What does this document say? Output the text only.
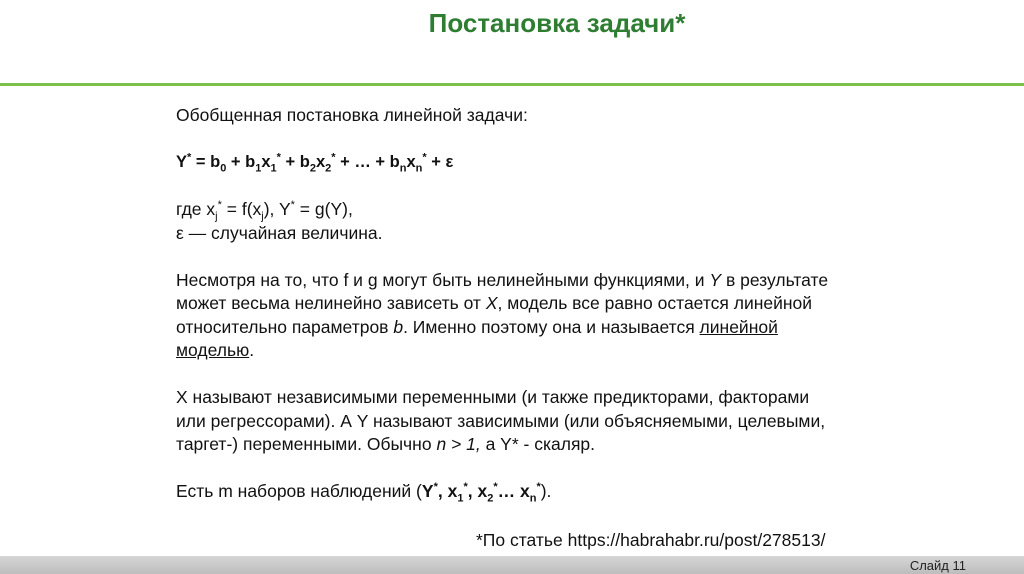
Постановка задачи*

Обобщенная постановка линейной задачи:

$Y^* = b_0 + b_1x_1^* + b_2x_2^*$ + … + $b_nx_n^* + \varepsilon$

где $x_j^* = f(x_j)$, Y* = g(Y),

ε — случайная величина.

Несмотря на то, что f и g могут быть нелинейными функциями, и Y в результате может весьма нелинейно зависеть от X, модель все равно остается линейной относительно параметров b. Именно поэтому она и называется линейной моделью.

X называют независимыми переменными (и также предикторами, факторами или регрессорами). А Y называют зависимыми (или объясняемыми, целевыми, таргет-) переменными. Обычно n > 1, а Y* - скаляр.

Есть m наборов наблюдений (Y*, $x_1^*$, $x_2^*\dots$ $x_n^*$).

*По статье https://habrahabr.ru/post/278513/
Слайд 11
